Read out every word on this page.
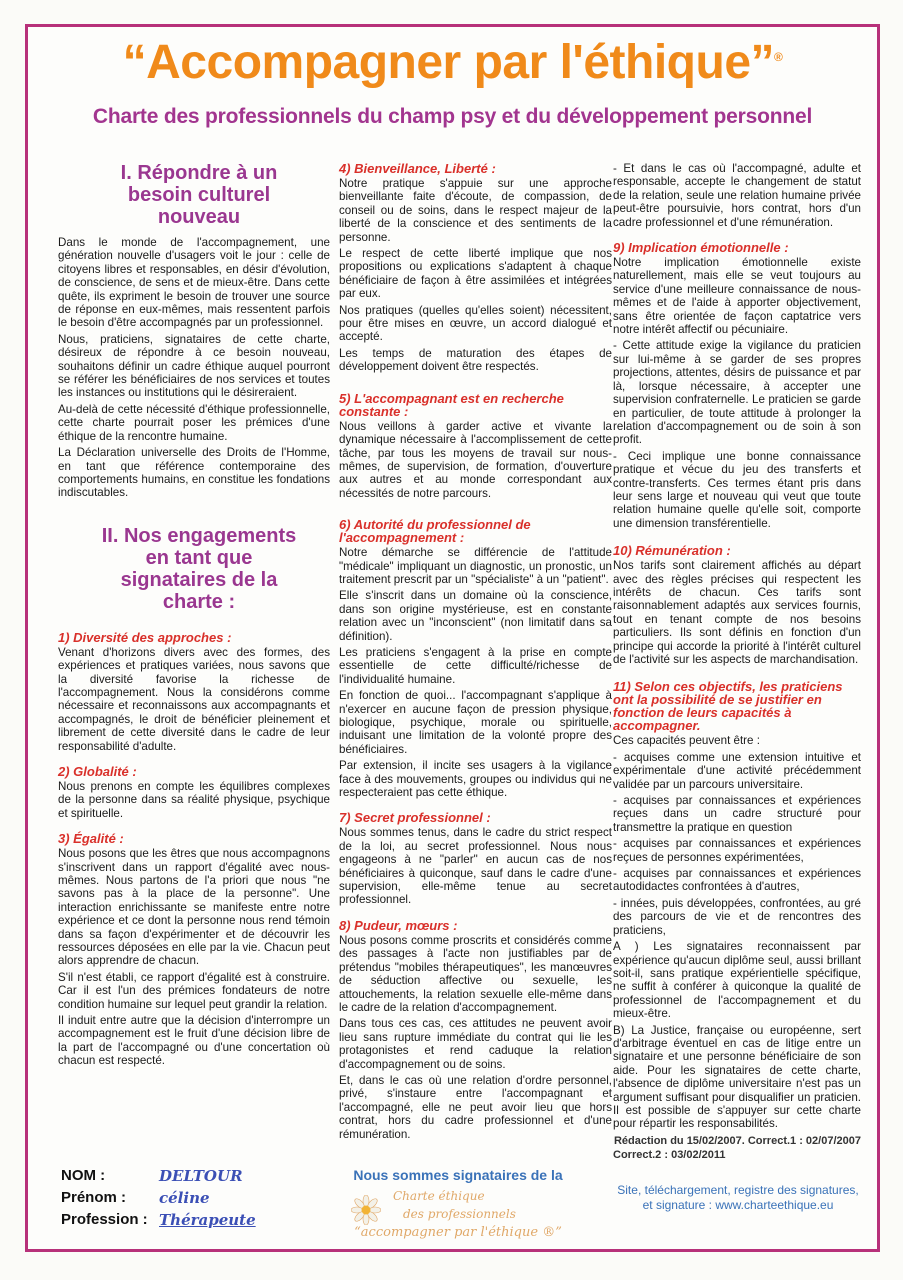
“Accompagner par l'éthique”®
Charte des professionnels du champ psy et du développement personnel
I. Répondre à un besoin culturel nouveau

Dans le monde de l'accompagnement, une génération nouvelle d'usagers voit le jour : celle de citoyens libres et responsables, en désir d'évolution, de conscience, de sens et de mieux-être. Dans cette quête, ils expriment le besoin de trouver une source de réponse en eux-mêmes, mais ressentent parfois le besoin d'être accompagnés par un professionnel.

Nous, praticiens, signataires de cette charte, désireux de répondre à ce besoin nouveau, souhaitons définir un cadre éthique auquel pourront se référer les bénéficiaires de nos services et toutes les instances ou institutions qui le désireraient.

Au-delà de cette nécessité d'éthique professionnelle, cette charte pourrait poser les prémices d'une éthique de la rencontre humaine.

La Déclaration universelle des Droits de l'Homme, en tant que référence contemporaine des comportements humains, en constitue les fondations indiscutables.

II. Nos engagements en tant que signataires de la charte :
1) Diversité des approches :

Venant d'horizons divers avec des formes, des expériences et pratiques variées, nous savons que la diversité favorise la richesse de l'accompagnement. Nous la considérons comme nécessaire et reconnaissons aux accompagnants et accompagnés, le droit de bénéficier pleinement et librement de cette diversité dans le cadre de leur responsabilité d'adulte.

2) Globalité :

Nous prenons en compte les équilibres complexes de la personne dans sa réalité physique, psychique et spirituelle.

3) Égalité :

Nous posons que les êtres que nous accompagnons s'inscrivent dans un rapport d'égalité avec nous-mêmes. Nous partons de l'a priori que nous "ne savons pas à la place de la personne". Une interaction enrichissante se manifeste entre notre expérience et ce dont la personne nous rend témoin dans sa façon d'expérimenter et de découvrir les ressources déposées en elle par la vie. Chacun peut alors apprendre de chacun.

S'il n'est établi, ce rapport d'égalité est à construire. Car il est l'un des prémices fondateurs de notre condition humaine sur lequel peut grandir la relation.

Il induit entre autre que la décision d'interrompre un accompagnement est le fruit d'une décision libre de la part de l'accompagné ou d'une concertation où chacun est respecté.

4) Bienveillance, Liberté :

Notre pratique s'appuie sur une approche bienveillante faite d'écoute, de compassion, de conseil ou de soins, dans le respect majeur de la liberté de la conscience et des sentiments de la personne.

Le respect de cette liberté implique que nos propositions ou explications s'adaptent à chaque bénéficiaire de façon à être assimilées et intégrées par eux.

Nos pratiques (quelles qu'elles soient) nécessitent, pour être mises en œuvre, un accord dialogué et accepté.

Les temps de maturation des étapes de développement doivent être respectés.

5) L'accompagnant est en recherche constante :

Nous veillons à garder active et vivante la dynamique nécessaire à l'accomplissement de cette tâche, par tous les moyens de travail sur nous-mêmes, de supervision, de formation, d'ouverture aux autres et au monde correspondant aux nécessités de notre parcours.

6) Autorité du professionnel de l'accompagnement :

Notre démarche se différencie de l'attitude "médicale" impliquant un diagnostic, un pronostic, un traitement prescrit par un "spécialiste" à un "patient".

Elle s'inscrit dans un domaine où la conscience, dans son origine mystérieuse, est en constante relation avec un "inconscient" (non limitatif dans sa définition).

Les praticiens s'engagent à la prise en compte essentielle de cette difficulté/richesse de l'individualité humaine.

En fonction de quoi... l'accompagnant s'applique à n'exercer en aucune façon de pression physique, biologique, psychique, morale ou spirituelle, induisant une limitation de la volonté propre des bénéficiaires.

Par extension, il incite ses usagers à la vigilance face à des mouvements, groupes ou individus qui ne respecteraient pas cette éthique.

7) Secret professionnel :

Nous sommes tenus, dans le cadre du strict respect de la loi, au secret professionnel. Nous nous engageons à ne "parler" en aucun cas de nos bénéficiaires à quiconque, sauf dans le cadre d'une supervision, elle-même tenue au secret professionnel.

8) Pudeur, mœurs :

Nous posons comme proscrits et considérés comme des passages à l'acte non justifiables par de prétendus "mobiles thérapeutiques", les manœuvres de séduction affective ou sexuelle, les attouchements, la relation sexuelle elle-même dans le cadre de la relation d'accompagnement.

Dans tous ces cas, ces attitudes ne peuvent avoir lieu sans rupture immédiate du contrat qui lie les protagonistes et rend caduque la relation d'accompagnement ou de soins.

Et, dans le cas où une relation d'ordre personnel, privé, s'instaure entre l'accompagnant et l'accompagné, elle ne peut avoir lieu que hors contrat, hors du cadre professionnel et d'une rémunération.

- Et dans le cas où l'accompagné, adulte et responsable, accepte le changement de statut de la relation, seule une relation humaine privée peut-être poursuivie, hors contrat, hors d'un cadre professionnel et d'une rémunération.

9) Implication émotionnelle :

Notre implication émotionnelle existe naturellement, mais elle se veut toujours au service d'une meilleure connaissance de nous-mêmes et de l'aide à apporter objectivement, sans être orientée de façon captatrice vers notre intérêt affectif ou pécuniaire.

- Cette attitude exige la vigilance du praticien sur lui-même à se garder de ses propres projections, attentes, désirs de puissance et par là, lorsque nécessaire, à accepter une supervision confraternelle. Le praticien se garde en particulier, de toute attitude à prolonger la relation d'accompagnement ou de soin à son profit.

- Ceci implique une bonne connaissance pratique et vécue du jeu des transferts et contre-transferts. Ces termes étant pris dans leur sens large et nouveau qui veut que toute relation humaine quelle qu'elle soit, comporte une dimension transférentielle.

10) Rémunération :

Nos tarifs sont clairement affichés au départ avec des règles précises qui respectent les intérêts de chacun. Ces tarifs sont raisonnablement adaptés aux services fournis, tout en tenant compte de nos besoins particuliers. Ils sont définis en fonction d'un principe qui accorde la priorité à l'intérêt culturel de l'activité sur les aspects de marchandisation.

11) Selon ces objectifs, les praticiens ont la possibilité de se justifier en fonction de leurs capacités à accompagner.

Ces capacités peuvent être :

- acquises comme une extension intuitive et expérimentale d'une activité précédemment validée par un parcours universitaire.

- acquises par connaissances et expériences reçues dans un cadre structuré pour transmettre la pratique en question

- acquises par connaissances et expériences reçues de personnes expérimentées,

- acquises par connaissances et expériences autodidactes confrontées à d'autres,

- innées, puis développées, confrontées, au gré des parcours de vie et de rencontres des praticiens,

A ) Les signataires reconnaissent par expérience qu'aucun diplôme seul, aussi brillant soit-il, sans pratique expérientielle spécifique, ne suffit à conférer à quiconque la qualité de professionnel de l'accompagnement et du mieux-être.

B) La Justice, française ou européenne, sert d'arbitrage éventuel en cas de litige entre un signataire et une personne bénéficiaire de son aide. Pour les signataires de cette charte, l'absence de diplôme universitaire n'est pas un argument suffisant pour disqualifier un praticien. Il est possible de s'appuyer sur cette charte pour répartir les responsabilités.

Rédaction du 15/02/2007. Correct.1 : 02/07/2007
Correct.2 : 03/02/2011
NOM :	DELTOUR
Prénom :	céline
Profession : Thérapeute
Nous sommes signataires de la
Charte éthique
des professionnels
“accompagner par l'éthique ®”
Site, téléchargement, registre des signatures,
et signature : www.charteethique.eu
